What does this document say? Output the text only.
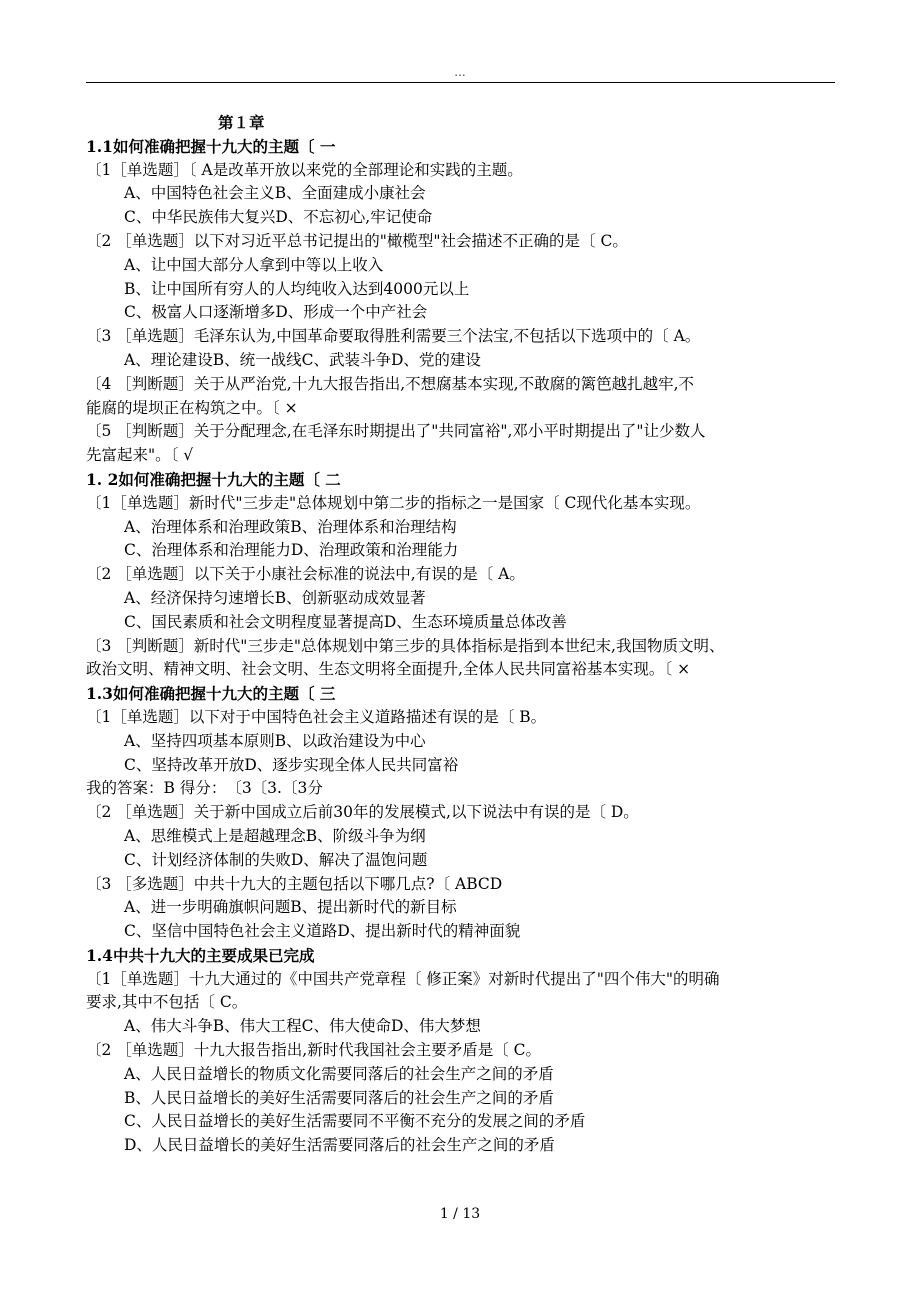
...
第１章
1.1如何准确把握十九大的主题〔 一
〔1［单选题］〔 A是改革开放以来党的全部理论和实践的主题。
A、中国特色社会主义B、全面建成小康社会
C、中华民族伟大复兴D、不忘初心,牢记使命
〔2 ［单选题］以下对习近平总书记提出的"橄榄型"社会描述不正确的是〔 C。
A、让中国大部分人拿到中等以上收入
B、让中国所有穷人的人均纯收入达到4000元以上
C、极富人口逐渐增多D、形成一个中产社会
〔3 ［单选题］毛泽东认为,中国革命要取得胜利需要三个法宝,不包括以下选项中的〔 A。
A、理论建设B、统一战线C、武装斗争D、党的建设
〔4 ［判断题］关于从严治党,十九大报告指出,不想腐基本实现,不敢腐的篱笆越扎越牢,不
能腐的堤坝正在构筑之中。〔 ×
〔5 ［判断题］关于分配理念,在毛泽东时期提出了"共同富裕",邓小平时期提出了"让少数人
先富起来"。〔 √
1. 2如何准确把握十九大的主题〔 二
〔1［单选题］新时代"三步走"总体规划中第二步的指标之一是国家〔 C现代化基本实现。
A、治理体系和治理政策B、治理体系和治理结构
C、治理体系和治理能力D、治理政策和治理能力
〔2 ［单选题］以下关于小康社会标准的说法中,有误的是〔 A。
A、经济保持匀速增长B、创新驱动成效显著
C、国民素质和社会文明程度显著提高D、生态环境质量总体改善
〔3 ［判断题］新时代"三步走"总体规划中第三步的具体指标是指到本世纪末,我国物质文明、
政治文明、精神文明、社会文明、生态文明将全面提升,全体人民共同富裕基本实现。〔 ×
1.3如何准确把握十九大的主题〔 三
〔1［单选题］以下对于中国特色社会主义道路描述有误的是〔 B。
A、坚持四项基本原则B、以政治建设为中心
C、坚持改革开放D、逐步实现全体人民共同富裕
我的答案：B 得分：　〔3〔3.〔3分
〔2 ［单选题］关于新中国成立后前30年的发展模式,以下说法中有误的是〔 D。
A、思维模式上是超越理念B、阶级斗争为纲
C、计划经济体制的失败D、解决了温饱问题
〔3 ［多选题］中共十九大的主题包括以下哪几点?〔 ABCD
A、进一步明确旗帜问题B、提出新时代的新目标
C、坚信中国特色社会主义道路D、提出新时代的精神面貌
1.4中共十九大的主要成果已完成
〔1［单选题］十九大通过的《中国共产党章程〔 修正案》对新时代提出了"四个伟大"的明确
要求,其中不包括〔 C。
A、伟大斗争B、伟大工程C、伟大使命D、伟大梦想
〔2 ［单选题］十九大报告指出,新时代我国社会主要矛盾是〔 C。
A、人民日益增长的物质文化需要同落后的社会生产之间的矛盾
B、人民日益增长的美好生活需要同落后的社会生产之间的矛盾
C、人民日益增长的美好生活需要同不平衡不充分的发展之间的矛盾
D、人民日益增长的美好生活需要同落后的社会生产之间的矛盾
1 / 13
